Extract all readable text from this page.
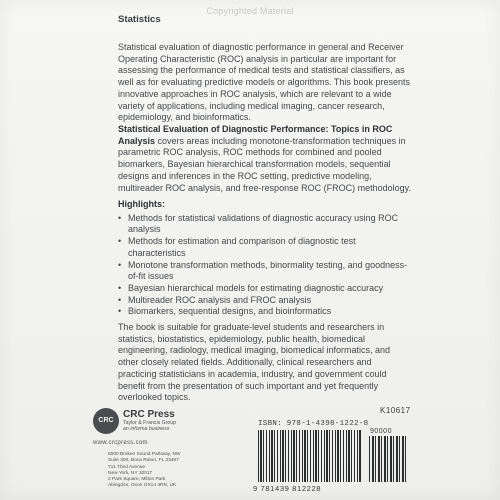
Copyrighted Material
Statistics
Statistical evaluation of diagnostic performance in general and Receiver Operating Characteristic (ROC) analysis in particular are important for assessing the performance of medical tests and statistical classifiers, as well as for evaluating predictive models or algorithms. This book presents innovative approaches in ROC analysis, which are relevant to a wide variety of applications, including medical imaging, cancer research, epidemiology, and bioinformatics.
Statistical Evaluation of Diagnostic Performance: Topics in ROC Analysis covers areas including monotone-transformation techniques in parametric ROC analysis, ROC methods for combined and pooled biomarkers, Bayesian hierarchical transformation models, sequential designs and inferences in the ROC setting, predictive modeling, multireader ROC analysis, and free-response ROC (FROC) methodology.
Highlights:
• Methods for statistical validations of diagnostic accuracy using ROC analysis
• Methods for estimation and comparison of diagnostic test characteristics
• Monotone transformation methods, binormality testing, and goodness-of-fit issues
• Bayesian hierarchical models for estimating diagnostic accuracy
• Multireader ROC analysis and FROC analysis
• Biomarkers, sequential designs, and bioinformatics
The book is suitable for graduate-level students and researchers in statistics, biostatistics, epidemiology, public health, biomedical engineering, radiology, medical imaging, biomedical informatics, and other closely related fields. Additionally, clinical researchers and practicing statisticians in academia, industry, and government could benefit from the presentation of such important and yet frequently overlooked topics.
CRC
CRC Press
Taylor & Francis Group
an informa business
www.crcpress.com
6000 Broken Sound Parkway, NW
Suite 300, Boca Raton, FL 33487
711 Third Avenue
New York, NY 10017
2 Park Square, Milton Park
Abingdon, Oxon OX14 4RN, UK
K10617
ISBN: 978-1-4398-1222-8
90000
9 781439 812228
